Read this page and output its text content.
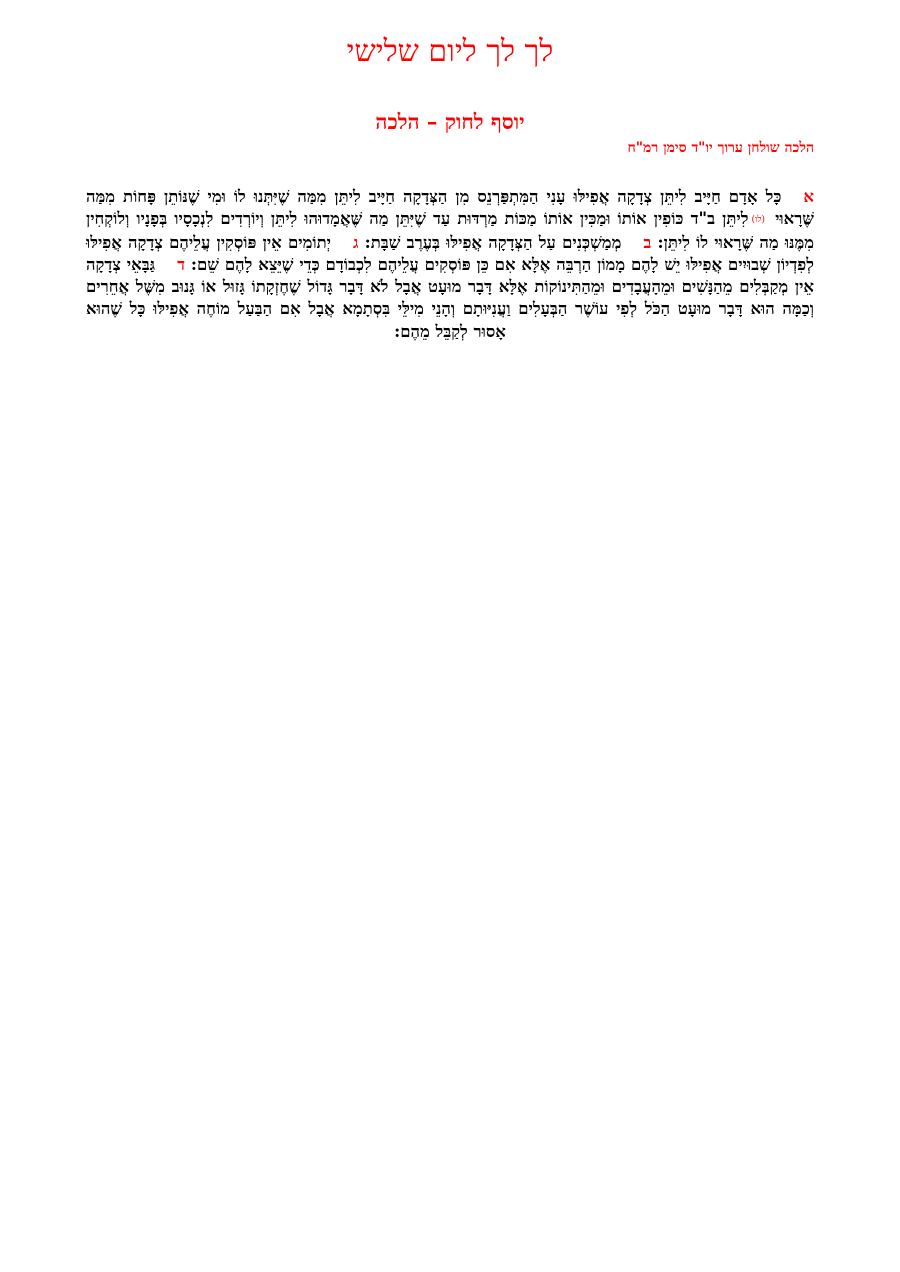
לך לך ליום שלישי
יוסף לחוק – הלכה
הלכה שולחן ערוך יו"ד סימן רמ"ח
אכָּל אָדָם חַיָּיב לִיתֵּן צְדָקָה אֲפִילּוּ עָנִי הַמִּתְפַּרְנֵס מִן הַצְּדָקָה חַיָּיב לִיתֵּן מִמַּה שֶׁיִּתְּנוּ לוֹ וּמִי שֶׁנּוֹתֵן פָּחוֹת מִמַּה שֶּׁרָאוּי (לו)לִיתֵּן ב"ד כּוֹפִין אוֹתוֹ וּמַכִּין אוֹתוֹ מַכּוֹת מַרְדּוּת עַד שֶׁיִּתֵּן מַה שֶּׁאֲמָדוּהוּ לִיתֵּן וְיוֹרְדִים לִנְכָסָיו בְּפָנָיו וְלוֹקְחִין מִמֶּנּוּ מַה שֶּׁרָאוּי לוֹ לִיתֵּן: במְמַשְׁכְּנִים עַל הַצְּדָקָה אֲפִילּוּ בְּעֶרֶב שַׁבָּת: גיְתוֹמִים אֵין פּוֹסְקִין עֲלֵיהֶם צְדָקָה אֲפִילּוּ לְפִדְיוֹן שְׁבוּיִים אֲפִילּוּ יֵשׁ לָהֶם מָמוֹן הַרְבֵּה אֶלָּא אִם כֵּן פּוֹסְקִים עֲלֵיהֶם לִכְבוֹדָם כְּדֵי שֶׁיֵּצֵא לָהֶם שֵׁם: דגַּבָּאֵי צְדָקָה אֵין מְקַבְּלִים מֵהַנָּשִׁים וּמֵהָעֲבָדִים וּמֵהַתִּינוֹקוֹת אֶלָּא דָּבָר מוּעָט אֲבָל לֹא דָּבָר גָּדוֹל שֶׁחֶזְקָתוֹ גָּזוּל אוֹ גָּנוּב מִשֶּׁל אֲחֵרִים וְכַמָּה הוּא דָּבָר מוּעָט הַכֹּל לְפִי עוֹשֶׁר הַבְּעָלִים וַעֲנִיּוּתָם וְהָנֵי מִילֵּי בִּסְתָמָא אֲבָל אִם הַבַּעַל מוֹחֶה אֲפִילּוּ כָּל שֶׁהוּא אָסוּר לְקַבֵּל מֵהֶם:
